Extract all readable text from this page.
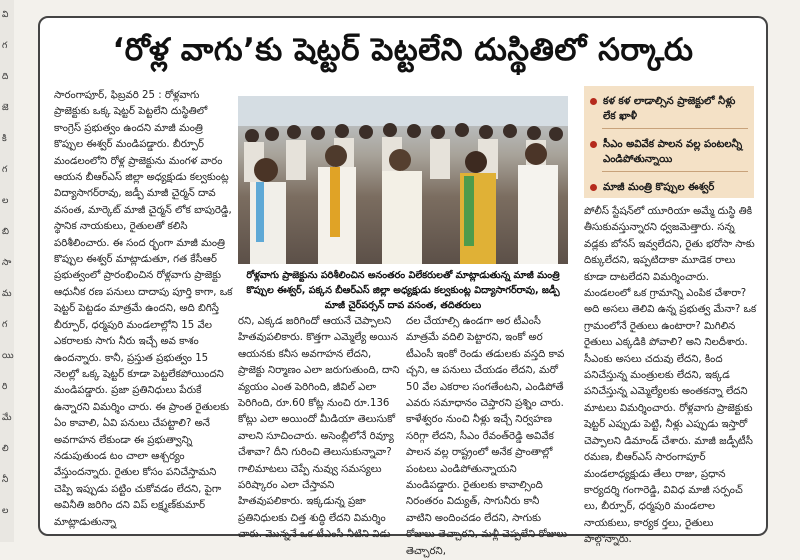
వి
గ
ది
జె
కి
గ
ల
బి
సా
మ
గ
యి
రి
మే
లి
నీ
ల
‘రోళ్ల వాగు’కు షెట్టర్ పెట్టలేని దుస్థితిలో సర్కారు

సారంగాపూర్, ఫిబ్రవరి 25 : రోళ్లవాగు ప్రాజెక్టుకు ఒక్క షెట్టర్ పెట్టలేని దుస్థితిలో కాంగ్రెస్ ప్రభుత్వం ఉందని మాజీ మంత్రి కొప్పుల ఈశ్వర్ మండిపడ్డారు. బీర్పూర్ మండలంలోని రోళ్ల ప్రాజెక్టును మంగళ వారం ఆయన బీఆర్ఎస్ జిల్లా అధ్యక్షుడు కల్వకుంట్ల విద్యాసాగర్‌రావు, జడ్పీ మాజీ చైర్మన్ దావ వసంత, మార్కెట్ మాజీ చైర్మన్ లోక బాపురెడ్డి, స్థానిక నాయకులు, రైతులతో కలిసి పరిశీలించారు. ఈ సంద ర్భంగా మాజీ మంత్రి కొప్పుల ఈశ్వర్ మాట్లాడుతూ, గత కేసీఆర్ ప్రభుత్వంలో ప్రారంభించిన రోళ్లవాగు ప్రాజెక్టు ఆధునీక రణ పనులు దాదాపు పూర్తి కాగా, ఒక షెట్టర్ పెట్టడం మాత్రమే ఉందని, అది బిగిస్తే బీర్పూర్, ధర్మపురి మండలాల్లోని 15 వేల ఎకరాలకు సాగు నీరు ఇచ్చే అవ కాశం ఉందన్నారు. కానీ, ప్రస్తుత ప్రభుత్వం 15 నెలల్లో ఒక్క షెట్టర్ కూడా పెట్టలేకపోయిందని మండిపడ్డారు. ప్రజా ప్రతినిధులు పేరుకే ఉన్నారని విమర్శిం చారు. ఈ ప్రాంత రైతులకు ఏం కావాలి, ఏవి పనులు చేపట్టాలి? అనే అవగాహన లేకుండా ఈ ప్రభుత్వాన్ని నడుపుతుండ టం చాలా ఆశ్చర్యం వేస్తుందన్నారు. రైతుల కోసం పనిచేస్తామని చెప్పి ఇప్పుడు పట్టిం చుకోవడం లేదని, పైగా అవినీతి జరిగిం దని విప్ లక్ష్మణ్‌కుమార్ మాట్లాడుతున్నా

రోళ్లవాగు ప్రాజెక్టును పరిశీలించిన అనంతరం విలేకరులతో మాట్లాడుతున్న మాజీ మంత్రి కొప్పుల ఈశ్వర్, పక్కన బీఆర్ఎస్ జిల్లా అధ్యక్షుడు కల్వకుంట్ల విద్యాసాగర్‌రావు, జడ్పీ మాజీ చైర్‌పర్సన్ దావ వసంత, తదితరులు

రని, ఎక్కడ జరిగిందో ఆయనే చెప్పాలని హితవుపలికారు. కొత్తగా ఎమ్మెల్యే అయిన ఆయనకు కనీస అవగాహన లేదని, ప్రాజెక్టు నిర్మాణం ఎలా జరుగుతుంది, దాని వ్యయం ఎంత పెరిగింది, జీవిల్ ఎలా పెరిగింది, రూ.60 కోట్ల నుంచి రూ.136 కోట్లు ఎలా అయిందో మీడియా తెలుసుకో వాలని సూచించారు. అసెంబ్లీలోనే రివ్యూ చేశావా? దీని గురించి తెలుసుకున్నావా? గాలిమాటలు చెప్పే నువ్వు సమస్యలు పరిష్కారం ఎలా చేస్తావని హితవుపలికారు. ఇక్కడున్న ప్రజా ప్రతినిధులకు చిత్త శుద్ధి లేదని విమర్శిం చారు. మొన్ననే ఒక టీఎంసీ నీటిని విడు

దల చేయాల్సి ఉండగా అర టీఎంసీ మాత్రమే వదిలి పెట్టారని, ఇంకో అర టీఎంసీ ఇంకో రెండు తడులకు వస్తది కావ చ్చని, ఆ పనులు చేయడం లేదని, మరో 50 వేల ఎకరాల సంగతేంటని, ఎండిపోతే ఎవరు సమాధానం చెప్తారని ప్రశ్నిం చారు. కాళేశ్వరం నుంచి నీళ్లు ఇచ్చే నిర్వహణ సరిగ్గా లేదని, సీఎం రేవంత్‌రెడ్డి అవివేక పాలన వల్ల రాష్ట్రంలో అనేక ప్రాంతాల్లో పంటలు ఎండిపోతున్నాయని మండిపడ్డారు. రైతులకు కావాల్సింది నిరంతరం విద్యుత్, సాగునీరు కానీ వాటిని అందించడం లేదని, సాగుకు రోజులు తెచ్చారని, మళ్లీ చెప్పలేని రోజులు తెచ్చారని,

కళ కళ లాడాల్సిన ప్రాజెక్టులో నీళ్లు లేక ఖాళీ
సీఎం అవివేక పాలన వల్ల పంటలన్నీ ఎండిపోతున్నాయి
మాజీ మంత్రి కొప్పుల ఈశ్వర్

పోలీస్ స్టేషన్‌లో యూరియా అమ్మే దుస్థి తికి తీసుకువస్తున్నారని ధ్వజమెత్తారు. సన్న వడ్లకు బోనస్ ఇవ్వలేదని, రైతు భరోసా సాకు దిక్కులేదని, ఇప్పటిదాకా మూడెక రాలు కూడా దాటలేదని విమర్శించారు. మండలంలో ఒక గ్రామాన్ని ఎంపిక చేశారా? అది అసలు తెలివి ఉన్న ప్రభుత్వ మేనా? ఒక గ్రామంలోనే రైతులు ఉంటారా? మిగిలిన రైతులు ఎక్కడికి పోవాలి? అని నిలదీశారు. సీఎంకు అసలు చదువు లేదని, కింద పనిచేస్తున్న మంత్రులకు లేదని, ఇక్కడ పనిచేస్తున్న ఎమ్మెల్యేలకు అంతకన్నా లేదని మాటలు విమర్శించారు. రోళ్లవాగు ప్రాజెక్టుకు షెట్టర్ ఎప్పుడు పెట్టి, నీళ్లు ఎప్పుడు ఇస్తారో చెప్పాలని డిమాండ్ చేశారు. మాజీ జడ్పీటీసీ రమణ, బీఆర్ఎస్ సారంగాపూర్ మండలాధ్యక్షుడు తేలు రాజు, ప్రధాన కార్యదర్శి గంగారెడ్డి, వివిధ మాజీ సర్పంచ్ లు, బీర్పూర్, ధర్మపురి మండలాల నాయకులు, కార్యక ర్తలు, రైతులు పాల్గొన్నారు.
